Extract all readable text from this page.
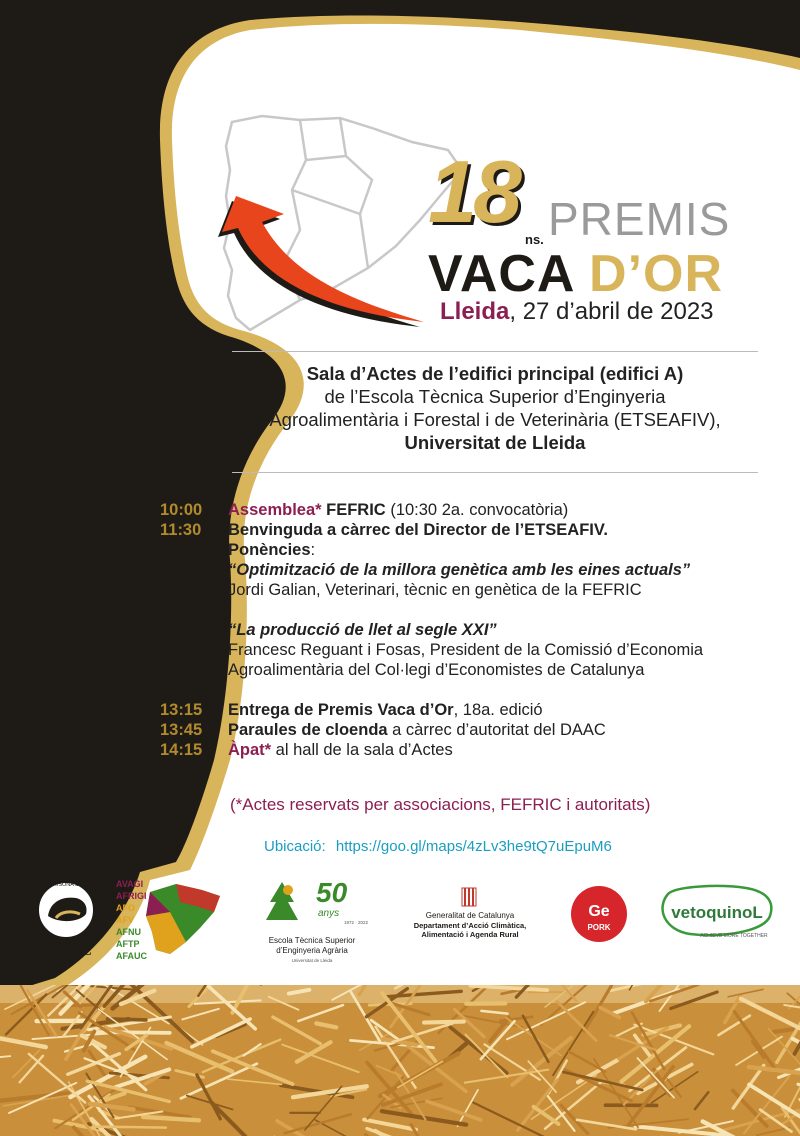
18 ns. PREMIS
VACA D’OR
Lleida, 27 d’abril de 2023
Sala d’Actes de l’edifici principal (edifici A)
de l’Escola Tècnica Superior d’Enginyeria
Agroalimentària i Forestal i de Veterinària (ETSEAFIV),
Universitat de Lleida
10:00	Assemblea* FEFRIC (10:30 2a. convocatòria)
11:30	Benvinguda a càrrec del Director de l’ETSEAFIV.
Ponències:
“Optimització de la millora genètica amb les eines actuals”
Jordi Galian, Veterinari, tècnic en genètica de la FEFRIC
“La producció de llet al segle XXI”
Francesc Reguant i Fosas, President de la Comissió d’Economia
Agroalimentària del Col·legi d’Economistes de Catalunya
13:15	Entrega de Premis Vaca d’Or, 18a. edició
13:45	Paraules de cloenda a càrrec d’autoritat del DAAC
14:15	Àpat* al hall de la sala d’Actes
(*Actes reservats per associacions, FEFRIC i autoritats)
Ubicació: https://goo.gl/maps/4zLv3he9tQ7uEpuM6
FEDERACIÓ FRISONA DE CATALUNYA
FEFRIC
AVAGI
AFRIGI
AFO
AFV
AFNU
AFTP
AFAUC
50
anys
1972 · 2022
Escola Tècnica Superior
d’Enginyeria Agrària
Universitat de Lleida
Generalitat de Catalunya
Departament d’Acció Climàtica,
Alimentació i Agenda Rural
Ge
PORK
vetoquinoL
ACHIEVE MORE TOGETHER
